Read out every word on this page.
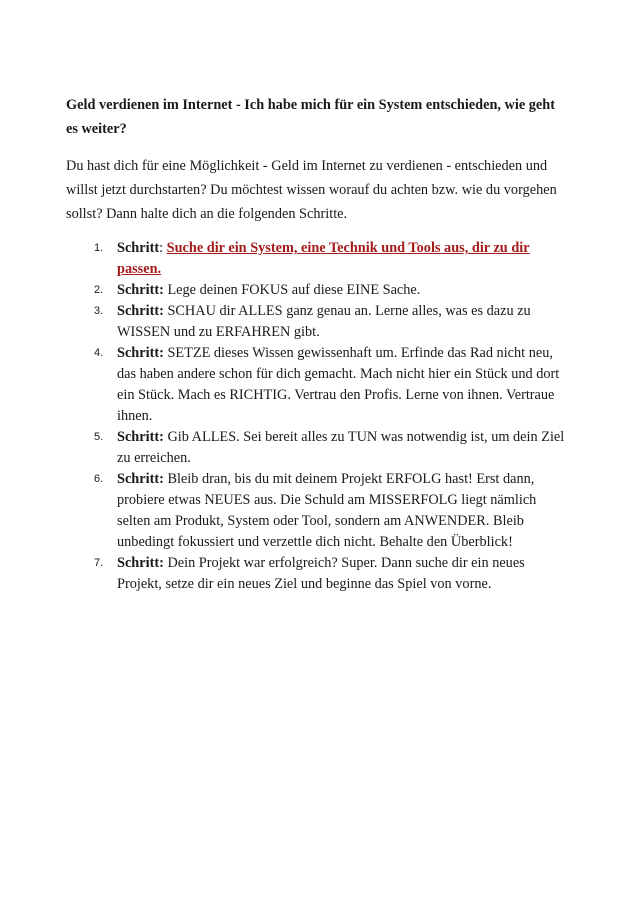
Geld verdienen im Internet - Ich habe mich für ein System entschieden, wie geht es weiter?

Du hast dich für eine Möglichkeit - Geld im Internet zu verdienen - entschieden und willst jetzt durchstarten? Du möchtest wissen worauf du achten bzw. wie du vorgehen sollst? Dann halte dich an die folgenden Schritte.

1. Schritt: Suche dir ein System, eine Technik und Tools aus, dir zu dir passen.
2. Schritt: Lege deinen FOKUS auf diese EINE Sache.
3. Schritt: SCHAU dir ALLES ganz genau an. Lerne alles, was es dazu zu WISSEN und zu ERFAHREN gibt.
4. Schritt: SETZE dieses Wissen gewissenhaft um. Erfinde das Rad nicht neu, das haben andere schon für dich gemacht. Mach nicht hier ein Stück und dort ein Stück. Mach es RICHTIG. Vertrau den Profis. Lerne von ihnen. Vertraue ihnen.
5. Schritt: Gib ALLES. Sei bereit alles zu TUN was notwendig ist, um dein Ziel zu erreichen.
6. Schritt: Bleib dran, bis du mit deinem Projekt ERFOLG hast! Erst dann, probiere etwas NEUES aus. Die Schuld am MISSERFOLG liegt nämlich selten am Produkt, System oder Tool, sondern am ANWENDER. Bleib unbedingt fokussiert und verzettle dich nicht. Behalte den Überblick!
7. Schritt: Dein Projekt war erfolgreich? Super. Dann suche dir ein neues Projekt, setze dir ein neues Ziel und beginne das Spiel von vorne.
